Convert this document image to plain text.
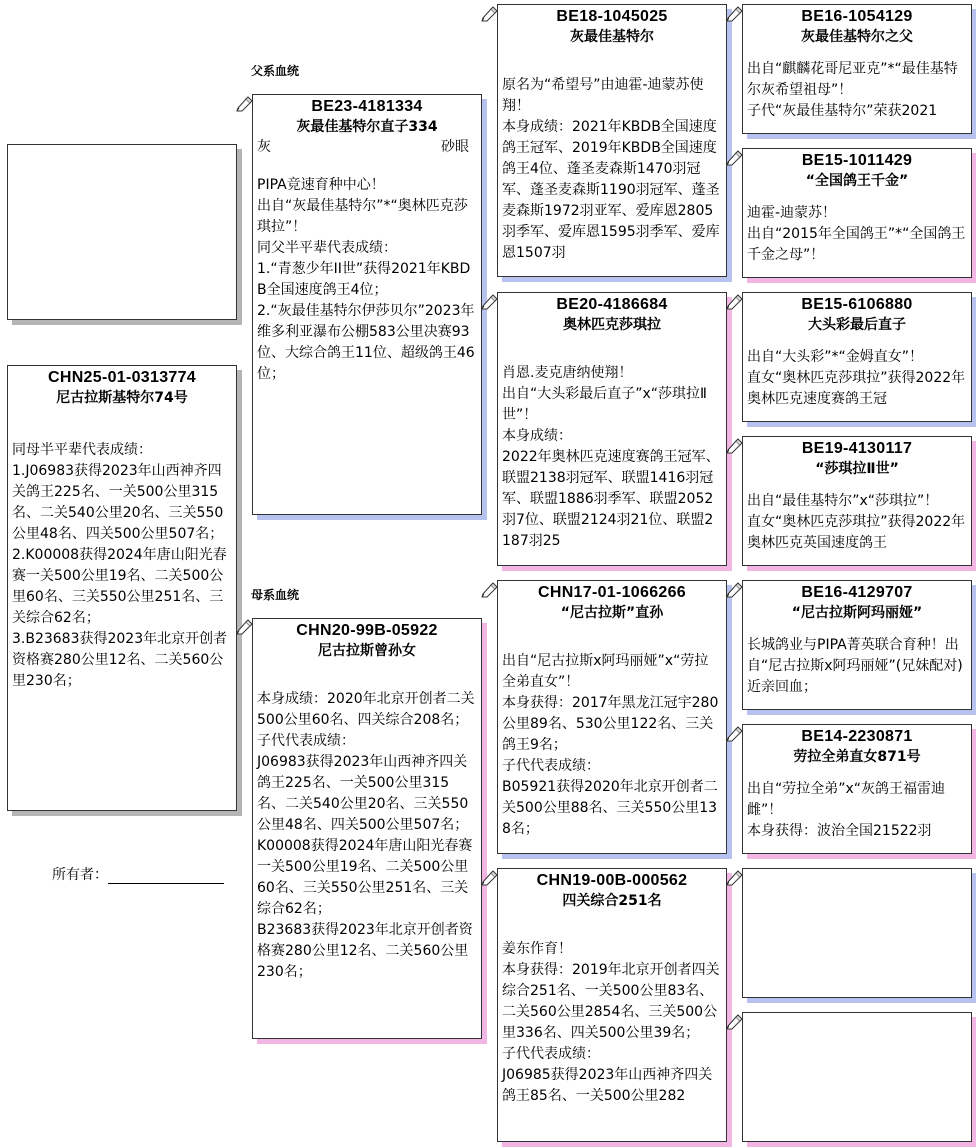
CHN25-01-0313774
尼古拉斯基特尔74号
同母半平辈代表成绩：
1.J06983获得2023年山西神齐四关鸽王225名、一关500公里315名、二关540公里20名、三关550公里48名、四关500公里507名；
2.K00008获得2024年唐山阳光春赛一关500公里19名、二关500公里60名、三关550公里251名、三关综合62名；
3.B23683获得2023年北京开创者资格赛280公里12名、二关560公里230名；
所有者：
父系血统
母系血统
BE23-4181334
灰最佳基特尔直子334
灰	砂眼
PIPA竞速育种中心！
出自“灰最佳基特尔”*“奥林匹克莎琪拉”！
同父半平辈代表成绩：
1.“青葱少年II世”获得2021年KBDB全国速度鸽王4位；
2.“灰最佳基特尔伊莎贝尔”2023年维多利亚瀑布公棚583公里决赛93位、大综合鸽王11位、超级鸽王46位；
CHN20-99B-05922
尼古拉斯曾孙女
本身成绩：2020年北京开创者二关500公里60名、四关综合208名；
子代代表成绩：
J06983获得2023年山西神齐四关鸽王225名、一关500公里315名、二关540公里20名、三关550公里48名、四关500公里507名；
K00008获得2024年唐山阳光春赛一关500公里19名、二关500公里60名、三关550公里251名、三关综合62名；
B23683获得2023年北京开创者资格赛280公里12名、二关560公里230名；
BE18-1045025
灰最佳基特尔
原名为“希望号”由迪霍-迪蒙苏使翔！
本身成绩：2021年KBDB全国速度鸽王冠军、2019年KBDB全国速度鸽王4位、蓬圣麦森斯1470羽冠军、蓬圣麦森斯1190羽冠军、蓬圣麦森斯1972羽亚军、爱库恩2805羽季军、爱库恩1595羽季军、爱库恩1507羽
BE20-4186684
奥林匹克莎琪拉
肖恩.麦克唐纳使翔！
出自“大头彩最后直子”x“莎琪拉Ⅱ世”！
本身成绩：
2022年奥林匹克速度赛鸽王冠军、联盟2138羽冠军、联盟1416羽冠军、联盟1886羽季军、联盟2052羽7位、联盟2124羽21位、联盟2187羽25
CHN17-01-1066266
“尼古拉斯”直孙
出自“尼古拉斯x阿玛丽娅”x“劳拉全弟直女”！
本身获得：2017年黑龙江冠宇280公里89名、530公里122名、三关鸽王9名；
子代代表成绩：
B05921获得2020年北京开创者二关500公里88名、三关550公里138名；
CHN19-00B-000562
四关综合251名
姜东作育！
本身获得：2019年北京开创者四关综合251名、一关500公里83名、二关560公里2854名、三关500公里336名、四关500公里39名；
子代代表成绩：
J06985获得2023年山西神齐四关鸽王85名、一关500公里282
BE16-1054129
灰最佳基特尔之父
出自“麒麟花哥尼亚克”*“最佳基特尔灰希望祖母”！
子代“灰最佳基特尔”荣获2021
BE15-1011429
“全国鸽王千金”
迪霍-迪蒙苏！
出自“2015年全国鸽王”*“全国鸽王千金之母”！
BE15-6106880
大头彩最后直子
出自“大头彩”*“金姆直女”！
直女“奥林匹克莎琪拉”获得2022年奥林匹克速度赛鸽王冠
BE19-4130117
“莎琪拉Ⅱ世”
出自“最佳基特尔”x“莎琪拉”！
直女“奥林匹克莎琪拉”获得2022年奥林匹克英国速度鸽王
BE16-4129707
“尼古拉斯阿玛丽娅”
长城鸽业与PIPA菁英联合育种！出自“尼古拉斯x阿玛丽娅”(兄妹配对)近亲回血；
BE14-2230871
劳拉全弟直女871号
出自“劳拉全弟”x“灰鸽王福雷迪雌”！
本身获得：波治全国21522羽
